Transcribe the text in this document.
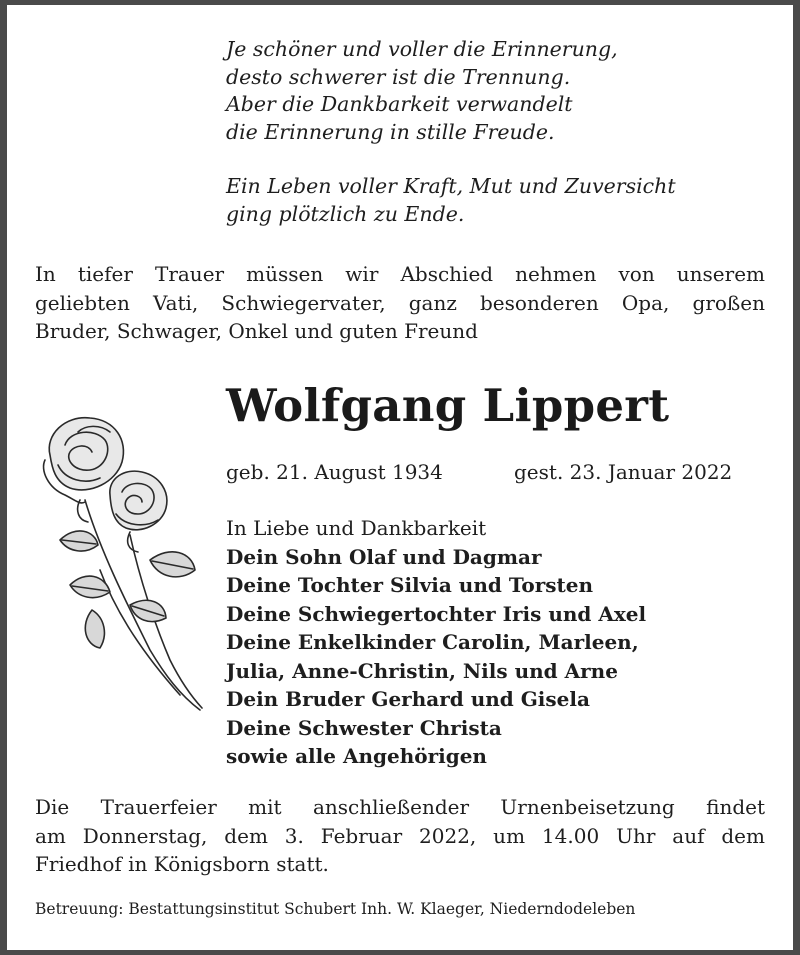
Je schöner und voller die Erinnerung,
desto schwerer ist die Trennung.
Aber die Dankbarkeit verwandelt
die Erinnerung in stille Freude.
Ein Leben voller Kraft, Mut und Zuversicht
ging plötzlich zu Ende.
In tiefer Trauer müssen wir Abschied nehmen von unserem
geliebten Vati, Schwiegervater, ganz besonderen Opa, großen
Bruder, Schwager, Onkel und guten Freund
Wolfgang Lippert
geb. 21. August 1934	gest. 23. Januar 2022
In Liebe und Dankbarkeit
Dein Sohn Olaf und Dagmar
Deine Tochter Silvia und Torsten
Deine Schwiegertochter Iris und Axel
Deine Enkelkinder Carolin, Marleen,
Julia, Anne-Christin, Nils und Arne
Dein Bruder Gerhard und Gisela
Deine Schwester Christa
sowie alle Angehörigen
Die Trauerfeier mit anschließender Urnenbeisetzung findet
am Donnerstag, dem 3. Februar 2022, um 14.00 Uhr auf dem
Friedhof in Königsborn statt.
Betreuung: Bestattungsinstitut Schubert Inh. W. Klaeger, Niederndodeleben
